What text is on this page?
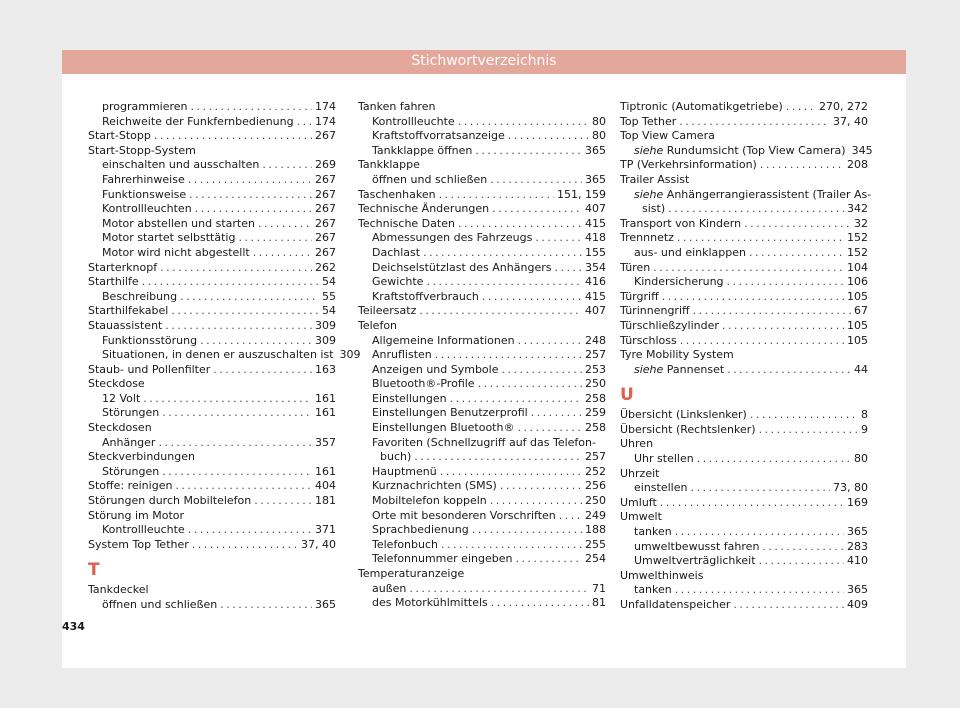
Stichwortverzeichnis
programmieren . . .	174
Reichweite der Funkfernbedienung . . . 174
Start-Stopp . . .	267
Start-Stopp-System
einschalten und ausschalten . . .	269
Fahrerhinweise . . .	267
Funktionsweise . . .	267
Kontrollleuchten . . .	267
Motor abstellen und starten . . .	267
Motor startet selbsttätig . . .	267
Motor wird nicht abgestellt . . .	267
Starterknopf . . .	262
Starthilfe . . .	54
Beschreibung . . .	55
Starthilfekabel . . .	54
Stauassistent . . .	309
Funktionsstörung . . .	309
Situationen, in denen er auszuschalten ist 309
Staub- und Pollenfilter . . .	163
Steckdose
12 Volt . . .	161
Störungen . . .	161
Steckdosen
Anhänger . . .	357
Steckverbindungen
Störungen . . .	161
Stoffe: reinigen . . .	404
Störungen durch Mobiltelefon . . .	181
Störung im Motor
Kontrollleuchte . . .	371
System Top Tether . . .	37, 40
T
Tankdeckel
öffnen und schließen . . .	365
Tanken fahren
Kontrollleuchte . . .	80
Kraftstoffvorratsanzeige . . .	80
Tankklappe öffnen . . .	365
Tankklappe
öffnen und schließen . . .	365
Taschenhaken . . .	151, 159
Technische Änderungen . . .	407
Technische Daten . . .	415
Abmessungen des Fahrzeugs . . .	418
Dachlast . . .	155
Deichselstützlast des Anhängers . . .	354
Gewichte . . .	416
Kraftstoffverbrauch . . .	415
Teileersatz . . .	407
Telefon
Allgemeine Informationen . . .	248
Anruflisten . . .	257
Anzeigen und Symbole . . .	253
Bluetooth®-Profile . . .	250
Einstellungen . . .	258
Einstellungen Benutzerprofil . . .	259
Einstellungen Bluetooth® . . .	258
Favoriten (Schnellzugriff auf das Telefon-
buch) . . .	257
Hauptmenü . . .	252
Kurznachrichten (SMS) . . .	256
Mobiltelefon koppeln . . .	250
Orte mit besonderen Vorschriften . . .	249
Sprachbedienung . . .	188
Telefonbuch . . .	255
Telefonnummer eingeben . . .	254
Temperaturanzeige
außen . . .	71
des Motorkühlmittels . . .	81
Tiptronic (Automatikgetriebe) . . .	270, 272
Top Tether . . .	37, 40
Top View Camera
siehe Rundumsicht (Top View Camera) 345
TP (Verkehrsinformation) . . .	208
Trailer Assist
siehe Anhängerrangierassistent (Trailer As-
sist) . . .	342
Transport von Kindern . . .	32
Trennnetz . . .	152
aus- und einklappen . . .	152
Türen . . .	104
Kindersicherung . . .	106
Türgriff . . .	105
Türinnengriff . . .	67
Türschließzylinder . . .	105
Türschloss . . .	105
Tyre Mobility System
siehe Pannenset . . .	44
U
Übersicht (Linkslenker) . . .	8
Übersicht (Rechtslenker) . . .	9
Uhren
Uhr stellen . . .	80
Uhrzeit
einstellen . . .	73, 80
Umluft . . .	169
Umwelt
tanken . . .	365
umweltbewusst fahren . . .	283
Umweltverträglichkeit . . .	410
Umwelthinweis
tanken . . .	365
Unfalldatenspeicher . . .	409
434
